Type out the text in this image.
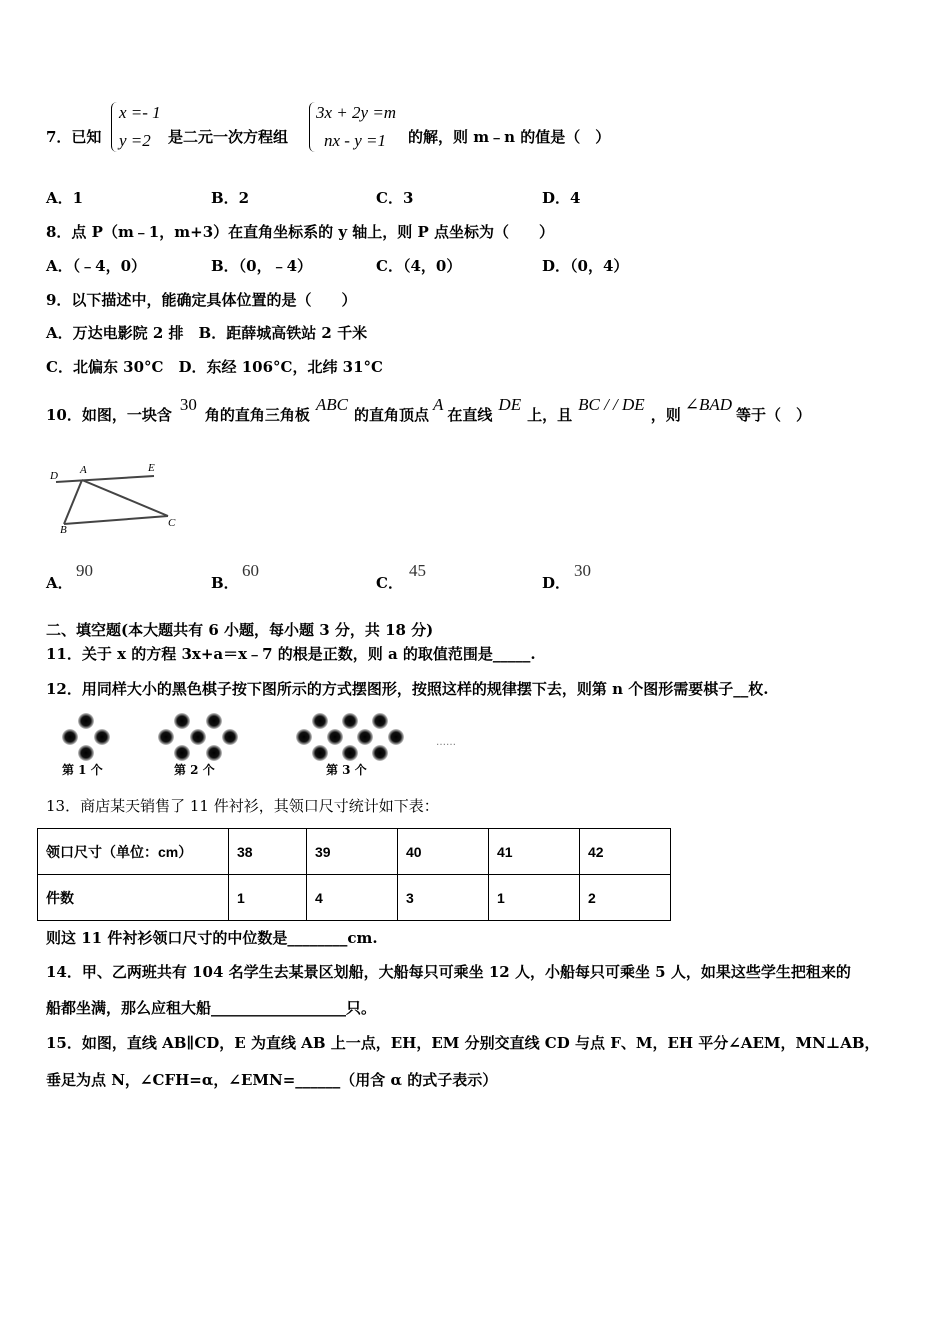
7．已知
x =- 1
y =2	是二元一次方程组
3x + 2y =m
nx - y =1	的解，则 m﹣n 的值是（　）
A．1	B．2	C．3	D．4
8．点 P（m﹣1，m+3）在直角坐标系的 y 轴上，则 P 点坐标为（　　）
A．（﹣4，0）	B．（0，﹣4）	C．（4，0）	D．（0，4）
9．以下描述中，能确定具体位置的是（　　）
A．万达电影院 2 排　B．距薛城高铁站 2 千米
C．北偏东 30°C　D．东经 106°C，北纬 31°C
10．如图，一块含30角的直角三角板ABC的直角顶点A在直线DE上，且BC / / DE，则∠BAD等于（　）
D A	E
B
C
A．
90
B．
60
C．
45
D．
30
二、填空题(本大题共有 6 小题，每小题 3 分，共 18 分)
11．关于 x 的方程 3x+a＝x﹣7 的根是正数，则 a 的取值范围是_____.
12．用同样大小的黑色棋子按下图所示的方式摆图形，按照这样的规律摆下去，则第 n 个图形需要棋子__枚.
第 1 个	第 2 个	第 3 个
……
13．商店某天销售了 11 件衬衫，其领口尺寸统计如下表：
领口尺寸（单位：cm）	38	39	40	41	42
件数	1	4	3	1	2
则这 11 件衬衫领口尺寸的中位数是________cm.
14．甲、乙两班共有 104 名学生去某景区划船，大船每只可乘坐 12 人，小船每只可乘坐 5 人，如果这些学生把租来的
船都坐满，那么应租大船__________________只。
15．如图，直线 AB∥CD，E 为直线 AB 上一点，EH，EM 分别交直线 CD 与点 F、M，EH 平分∠AEM，MN⊥AB，
垂足为点 N，∠CFH=α，∠EMN=______（用含 α 的式子表示）
